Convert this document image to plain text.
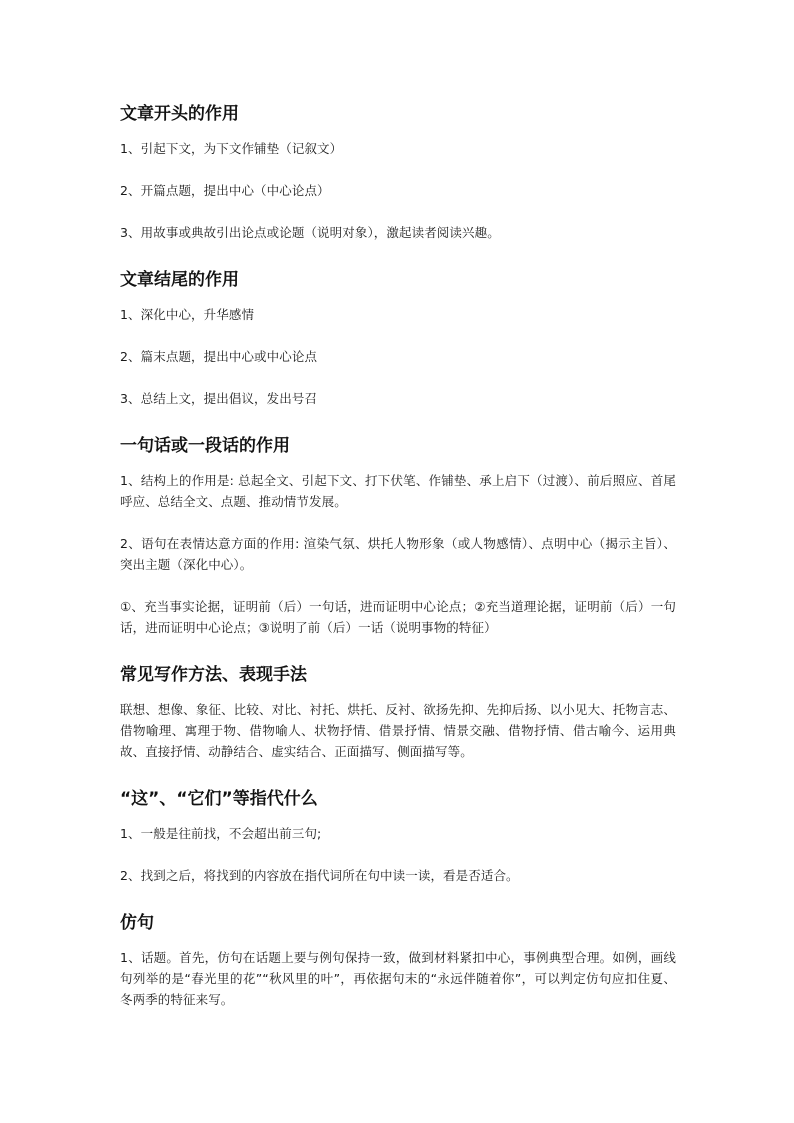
文章开头的作用

1、引起下文，为下文作铺垫（记叙文）

2、开篇点题，提出中心（中心论点）

3、用故事或典故引出论点或论题（说明对象），激起读者阅读兴趣。

文章结尾的作用

1、深化中心，升华感情

2、篇末点题，提出中心或中心论点

3、总结上文，提出倡议，发出号召

一句话或一段话的作用

1、结构上的作用是: 总起全文、引起下文、打下伏笔、作铺垫、承上启下（过渡）、前后照应、首尾呼应、总结全文、点题、推动情节发展。

2、语句在表情达意方面的作用: 渲染气氛、烘托人物形象（或人物感情）、点明中心（揭示主旨）、突出主题（深化中心）。

①、充当事实论据，证明前（后）一句话，进而证明中心论点；②充当道理论据，证明前（后）一句话，进而证明中心论点；③说明了前（后）一话（说明事物的特征）

常见写作方法、表现手法

联想、想像、象征、比较、对比、衬托、烘托、反衬、欲扬先抑、先抑后扬、以小见大、托物言志、借物喻理、寓理于物、借物喻人、状物抒情、借景抒情、情景交融、借物抒情、借古喻今、运用典故、直接抒情、动静结合、虚实结合、正面描写、侧面描写等。

“这”、“它们”等指代什么

1、一般是往前找，不会超出前三句;

2、找到之后，将找到的内容放在指代词所在句中读一读，看是否适合。

仿句

1、话题。首先，仿句在话题上要与例句保持一致，做到材料紧扣中心，事例典型合理。如例，画线句列举的是“春光里的花”“秋风里的叶”，再依据句末的“永远伴随着你”，可以判定仿句应扣住夏、冬两季的特征来写。
